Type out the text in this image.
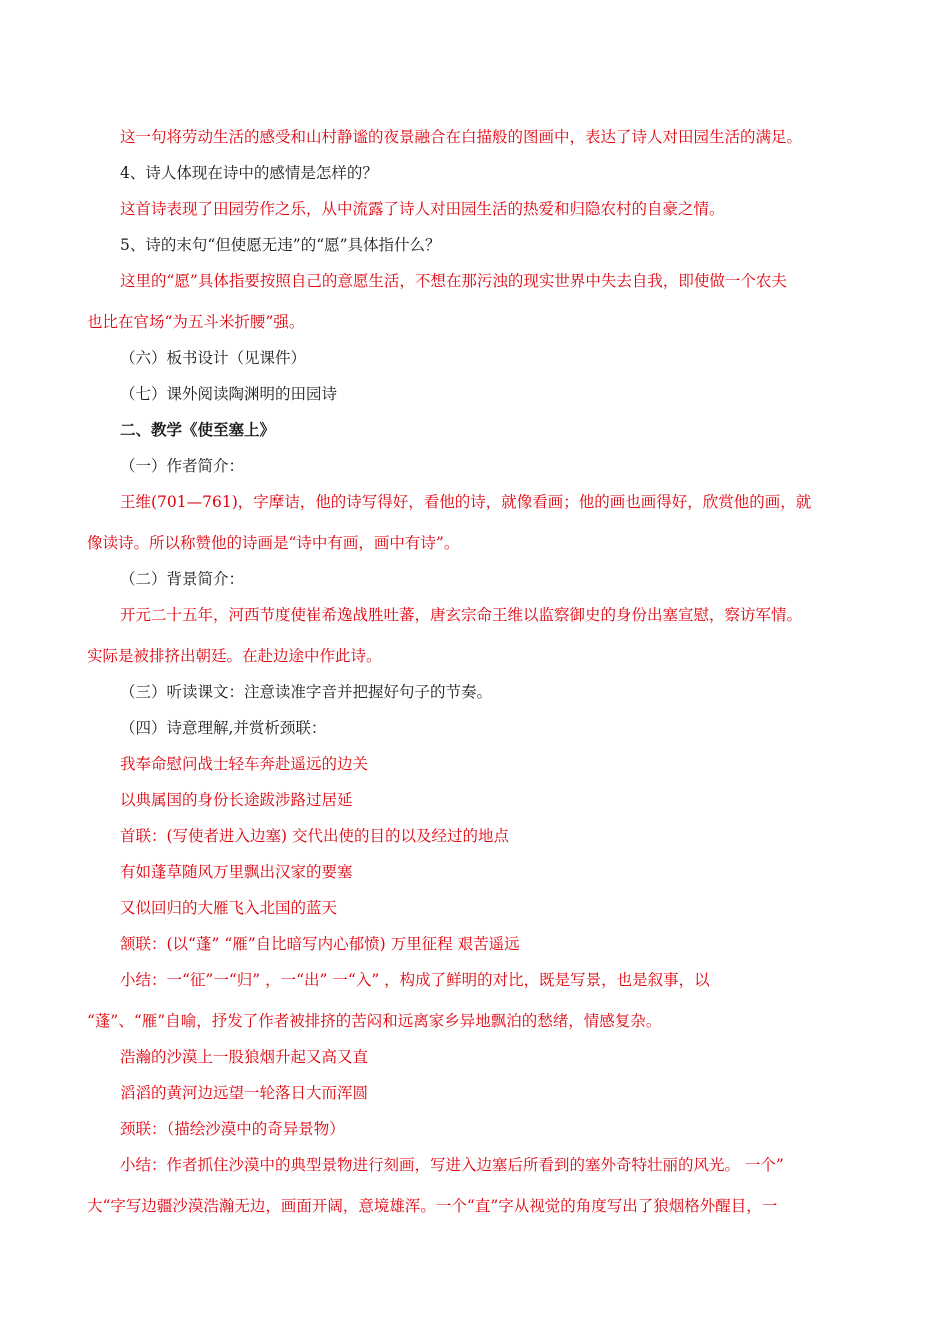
这一句将劳动生活的感受和山村静谧的夜景融合在白描般的图画中，表达了诗人对田园生活的满足。
4、诗人体现在诗中的感情是怎样的？
这首诗表现了田园劳作之乐，从中流露了诗人对田园生活的热爱和归隐农村的自豪之情。
5、诗的末句“但使愿无违”的“愿”具体指什么？
这里的“愿”具体指要按照自己的意愿生活，不想在那污浊的现实世界中失去自我，即使做一个农夫
也比在官场“为五斗米折腰”强。
（六）板书设计（见课件）
（七）课外阅读陶渊明的田园诗
二、教学《使至塞上》
（一）作者简介：
王维(701—761)，字摩诘，他的诗写得好，看他的诗，就像看画；他的画也画得好，欣赏他的画，就
像读诗。所以称赞他的诗画是“诗中有画，画中有诗”。
（二）背景简介：
开元二十五年，河西节度使崔希逸战胜吐蕃，唐玄宗命王维以监察御史的身份出塞宣慰，察访军情。
实际是被排挤出朝廷。在赴边途中作此诗。
（三）听读课文：注意读准字音并把握好句子的节奏。
（四）诗意理解,并赏析颈联：
我奉命慰问战士轻车奔赴遥远的边关
以典属国的身份长途跋涉路过居延
首联：(写使者进入边塞) 交代出使的目的以及经过的地点
有如蓬草随风万里飘出汉家的要塞
又似回归的大雁飞入北国的蓝天
颔联：(以“蓬” “雁”自比暗写内心郁愤) 万里征程 艰苦遥远
小结：一“征”一“归” ，一“出” 一“入” ，构成了鲜明的对比，既是写景，也是叙事，以
“蓬”、“雁”自喻，抒发了作者被排挤的苦闷和远离家乡异地飘泊的愁绪，情感复杂。
浩瀚的沙漠上一股狼烟升起又高又直
滔滔的黄河边远望一轮落日大而浑圆
颈联：（描绘沙漠中的奇异景物）
小结：作者抓住沙漠中的典型景物进行刻画，写进入边塞后所看到的塞外奇特壮丽的风光。 一个”
大“字写边疆沙漠浩瀚无边，画面开阔，意境雄浑。一个“直”字从视觉的角度写出了狼烟格外醒目，一
